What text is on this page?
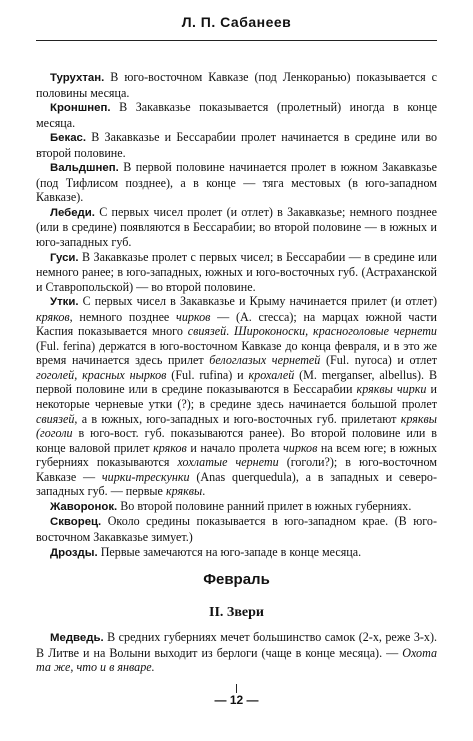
Л. П. Сабанеев

Турухтан. В юго-восточном Кавказе (под Ленкоранью) показывается с половины месяца.

Кроншнеп. В Закавказье показывается (пролетный) иногда в конце месяца.

Бекас. В Закавказье и Бессарабии пролет начинается в средине или во второй половине.

Вальдшнеп. В первой половине начинается пролет в южном Закавказье (под Тифлисом позднее), а в конце — тяга местовых (в юго-западном Кавказе).

Лебеди. С первых чисел пролет (и отлет) в Закавказье; немного позднее (или в средине) появляются в Бессарабии; во второй половине — в южных и юго-западных губ.

Гуси. В Закавказье пролет с первых чисел; в Бессарабии — в средине или немного ранее; в юго-западных, южных и юго-восточных губ. (Астраханской и Ставропольской) — во второй половине.

Утки. С первых чисел в Закавказье и Крыму начинается прилет (и отлет) кряков, немного позднее чирков — (A. crecca); на марцах южной части Каспия показывается много свиязей. Широконоски, красноголовые чернети (Ful. ferina) держатся в юго-восточном Кавказе до конца февраля, и в это же время начинается здесь прилет белоглазых чернетей (Ful. nyroca) и отлет гоголей, красных нырков (Ful. rufina) и крохалей (M. merganser, albellus). В первой половине или в средине показываются в Бессарабии кряквы чирки и некоторые черневые утки (?); в средине здесь начинается большой пролет свиязей, а в южных, юго-западных и юго-восточных губ. прилетают кряквы (гоголи в юго-вост. губ. показываются ранее). Во второй половине или в конце валовой прилет кряков и начало пролета чирков на всем юге; в южных губерниях показываются хохлатые чернети (гоголи?); в юго-восточном Кавказе — чирки-трескунки (Anas querquedula), а в западных и северо-западных губ. — первые кряквы.

Жаворонок. Во второй половине ранний прилет в южных губерниях.

Скворец. Около средины показывается в юго-западном крае. (В юго-восточном Закавказье зимует.)

Дрозды. Первые замечаются на юго-западе в конце месяца.

Февраль
II. Звери

Медведь. В средних губерниях мечет большинство самок (2-х, реже 3-х). В Литве и на Волыни выходит из берлоги (чаще в конце месяца). — Охота та же, что и в январе.

— 12 —
